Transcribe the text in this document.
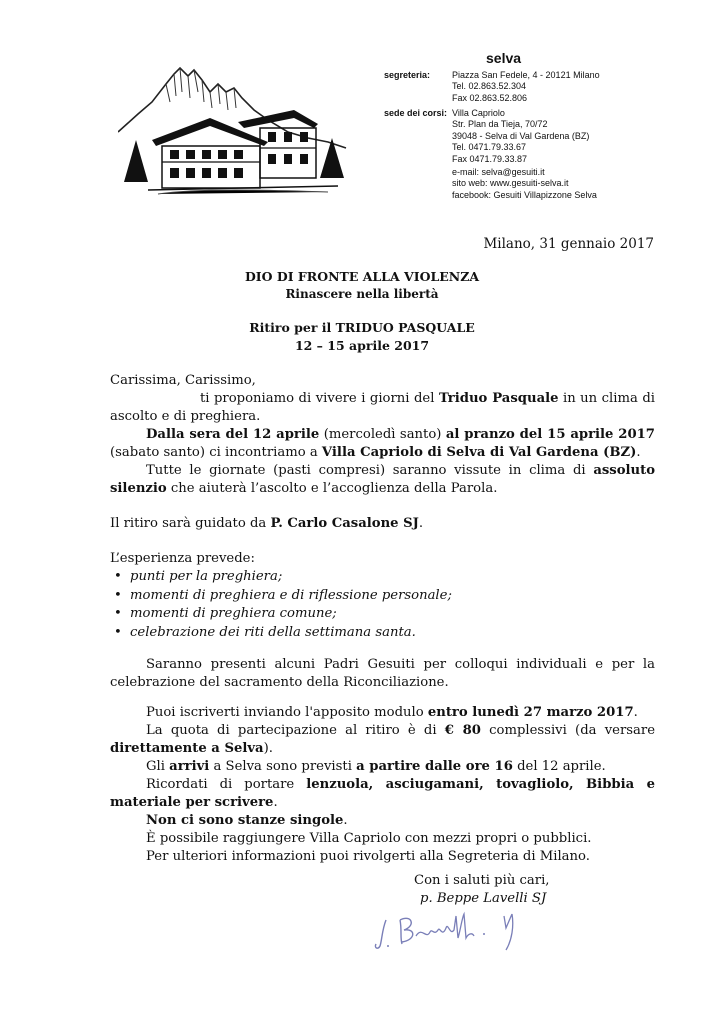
selva
segreteria: Piazza San Fedele, 4 - 20121 Milano
Tel. 02.863.52.304
Fax 02.863.52.806
sede dei corsi: Villa Capriolo
Str. Plan da Tieja, 70/72
39048 - Selva di Val Gardena (BZ)
Tel. 0471.79.33.67
Fax 0471.79.33.87
e-mail: selva@gesuiti.it
sito web: www.gesuiti-selva.it
facebook: Gesuiti Villapizzone Selva
Milano, 31 gennaio 2017
DIO DI FRONTE ALLA VIOLENZA
Rinascere nella libertà
Ritiro per il TRIDUO PASQUALE
12 – 15 aprile 2017
Carissima, Carissimo,
ti proponiamo di vivere i giorni del Triduo Pasquale in un clima di ascolto e di preghiera.
Dalla sera del 12 aprile (mercoledì santo) al pranzo del 15 aprile 2017 (sabato santo) ci incontriamo a Villa Capriolo di Selva di Val Gardena (BZ).
Tutte le giornate (pasti compresi) saranno vissute in clima di assoluto silenzio che aiuterà l’ascolto e l’accoglienza della Parola.
Il ritiro sarà guidato da P. Carlo Casalone SJ.
L’esperienza prevede:
• punti per la preghiera;
• momenti di preghiera e di riflessione personale;
• momenti di preghiera comune;
• celebrazione dei riti della settimana santa.
Saranno presenti alcuni Padri Gesuiti per colloqui individuali e per la celebrazione del sacramento della Riconciliazione.
Puoi iscriverti inviando l'apposito modulo entro lunedì 27 marzo 2017.
La quota di partecipazione al ritiro è di € 80 complessivi (da versare direttamente a Selva).
Gli arrivi a Selva sono previsti a partire dalle ore 16 del 12 aprile.
Ricordati di portare lenzuola, asciugamani, tovagliolo, Bibbia e materiale per scrivere.
Non ci sono stanze singole.
È possibile raggiungere Villa Capriolo con mezzi propri o pubblici.
Per ulteriori informazioni puoi rivolgerti alla Segreteria di Milano.
Con i saluti più cari,
p. Beppe Lavelli SJ
